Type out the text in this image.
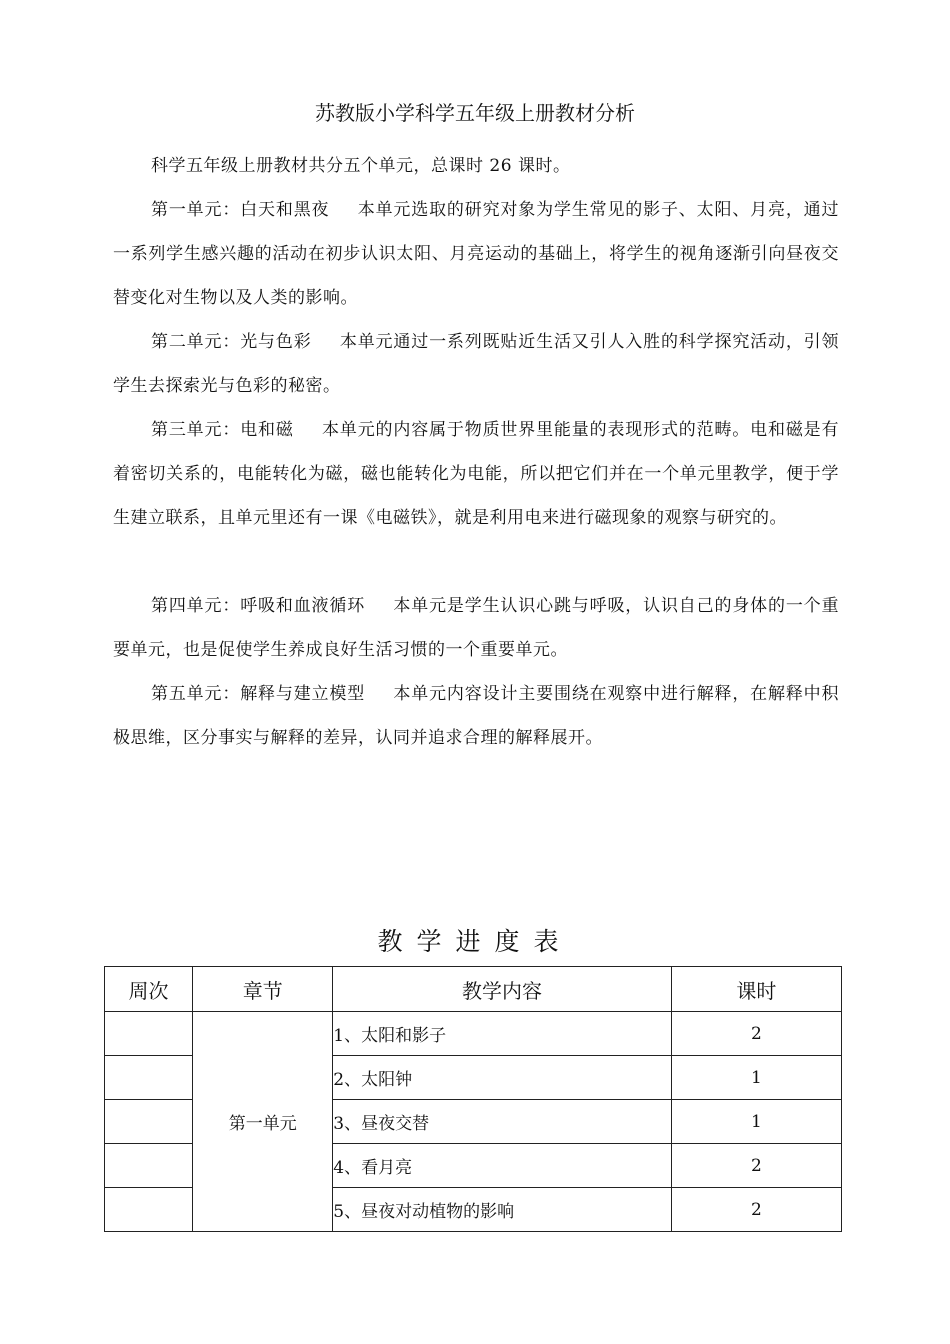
苏教版小学科学五年级上册教材分析

科学五年级上册教材共分五个单元，总课时 26 课时。

第一单元：白天和黑夜 本单元选取的研究对象为学生常见的影子、太阳、月亮，通过一系列学生感兴趣的活动在初步认识太阳、月亮运动的基础上，将学生的视角逐渐引向昼夜交替变化对生物以及人类的影响。

第二单元：光与色彩 本单元通过一系列既贴近生活又引人入胜的科学探究活动，引领学生去探索光与色彩的秘密。

第三单元：电和磁 本单元的内容属于物质世界里能量的表现形式的范畴。电和磁是有着密切关系的，电能转化为磁，磁也能转化为电能，所以把它们并在一个单元里教学，便于学生建立联系，且单元里还有一课《电磁铁》，就是利用电来进行磁现象的观察与研究的。

第四单元：呼吸和血液循环 本单元是学生认识心跳与呼吸，认识自己的身体的一个重要单元，也是促使学生养成良好生活习惯的一个重要单元。

第五单元：解释与建立模型 本单元内容设计主要围绕在观察中进行解释，在解释中积极思维，区分事实与解释的差异，认同并追求合理的解释展开。

教学进度表
周次	章节	教学内容	课时
	第一单元	1、太阳和影子	2
		2、太阳钟	1
		3、昼夜交替	1
		4、看月亮	2
		5、昼夜对动植物的影响	2
